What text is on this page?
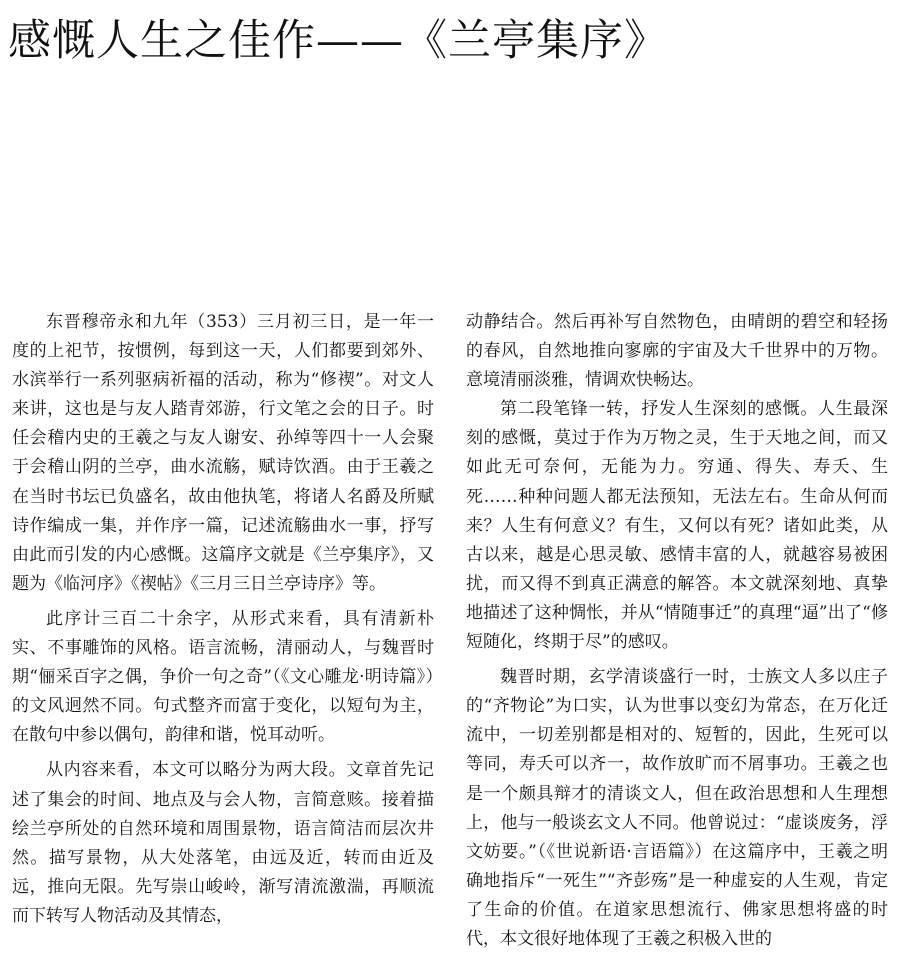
感慨人生之佳作——《兰亭集序》

东晋穆帝永和九年（353）三月初三日，是一年一度的上祀节，按惯例，每到这一天，人们都要到郊外、水滨举行一系列驱病祈福的活动，称为“修禊”。对文人来讲，这也是与友人踏青郊游，行文笔之会的日子。时任会稽内史的王羲之与友人谢安、孙绰等四十一人会聚于会稽山阴的兰亭，曲水流觞，赋诗饮酒。由于王羲之在当时书坛已负盛名，故由他执笔，将诸人名爵及所赋诗作编成一集，并作序一篇，记述流觞曲水一事，抒写由此而引发的内心感慨。这篇序文就是《兰亭集序》，又题为《临河序》《禊帖》《三月三日兰亭诗序》等。

此序计三百二十余字，从形式来看，具有清新朴实、不事雕饰的风格。语言流畅，清丽动人，与魏晋时期“俪采百字之偶，争价一句之奇”（《文心雕龙·明诗篇》）的文风迥然不同。句式整齐而富于变化，以短句为主，在散句中参以偶句，韵律和谐，悦耳动听。

从内容来看，本文可以略分为两大段。文章首先记述了集会的时间、地点及与会人物，言简意赅。接着描绘兰亭所处的自然环境和周围景物，语言简洁而层次井然。描写景物，从大处落笔，由远及近，转而由近及远，推向无限。先写崇山峻岭，渐写清流激湍，再顺流而下转写人物活动及其情态，

动静结合。然后再补写自然物色，由晴朗的碧空和轻扬的春风，自然地推向寥廓的宇宙及大千世界中的万物。意境清丽淡雅，情调欢快畅达。

第二段笔锋一转，抒发人生深刻的感慨。人生最深刻的感慨，莫过于作为万物之灵，生于天地之间，而又如此无可奈何，无能为力。穷通、得失、寿夭、生死……种种问题人都无法预知，无法左右。生命从何而来？人生有何意义？有生，又何以有死？诸如此类，从古以来，越是心思灵敏、感情丰富的人，就越容易被困扰，而又得不到真正满意的解答。本文就深刻地、真挚地描述了这种惆怅，并从“情随事迁”的真理“逼”出了“修短随化，终期于尽”的感叹。

魏晋时期，玄学清谈盛行一时，士族文人多以庄子的“齐物论”为口实，认为世事以变幻为常态，在万化迁流中，一切差别都是相对的、短暂的，因此，生死可以等同，寿夭可以齐一，故作放旷而不屑事功。王羲之也是一个颇具辩才的清谈文人，但在政治思想和人生理想上，他与一般谈玄文人不同。他曾说过：“虚谈废务，浮文妨要。”（《世说新语·言语篇》）在这篇序中，王羲之明确地指斥“一死生”“齐彭殇”是一种虚妄的人生观，肯定了生命的价值。在道家思想流行、佛家思想将盛的时代，本文很好地体现了王羲之积极入世的
